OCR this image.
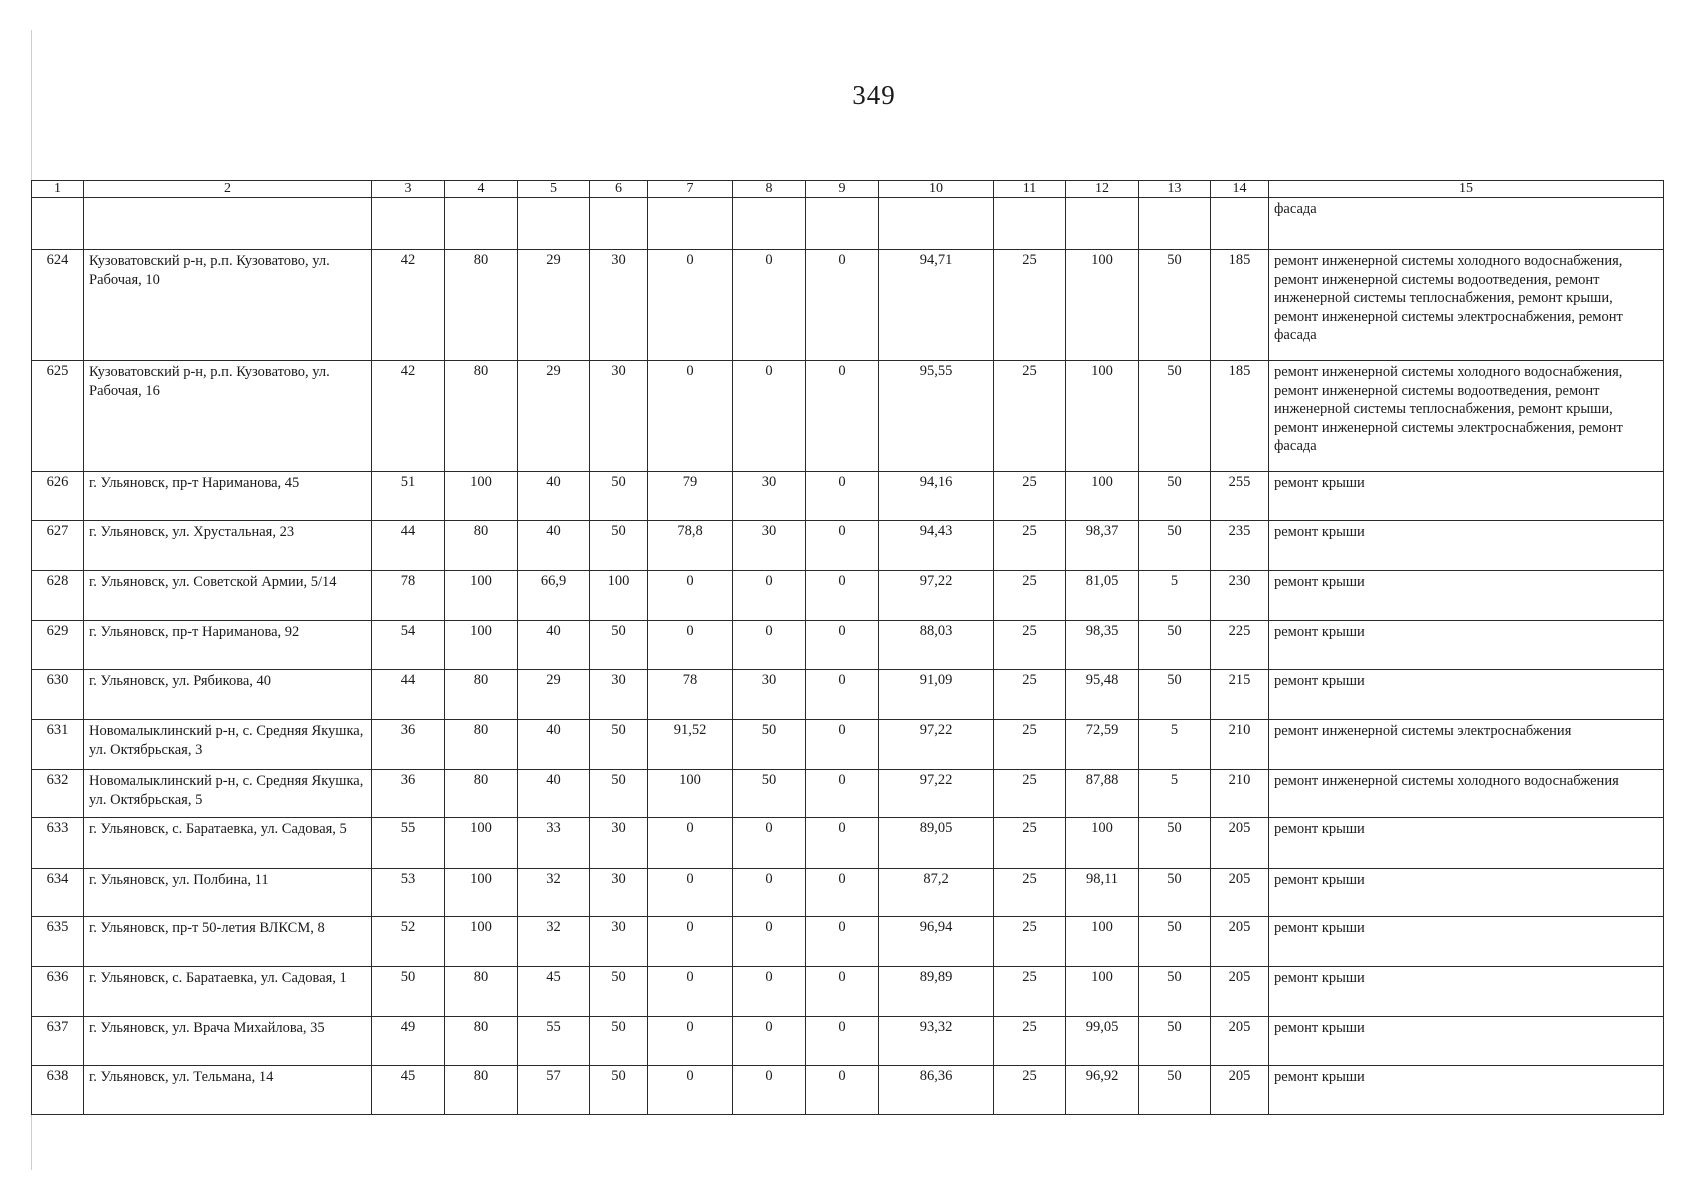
349
1	2	3	4	5	6	7	8	9	10	11	12	13	14	15
														фасада
624	Кузоватовский р-н, р.п. Кузоватово, ул. Рабочая, 10	42	80	29	30	0	0	0	94,71	25	100	50	185	ремонт инженерной системы холодного водоснабжения, ремонт инженерной системы водоотведения, ремонт инженерной системы теплоснабжения, ремонт крыши, ремонт инженерной системы электроснабжения, ремонт фасада
625	Кузоватовский р-н, р.п. Кузоватово, ул. Рабочая, 16	42	80	29	30	0	0	0	95,55	25	100	50	185	ремонт инженерной системы холодного водоснабжения, ремонт инженерной системы водоотведения, ремонт инженерной системы теплоснабжения, ремонт крыши, ремонт инженерной системы электроснабжения, ремонт фасада
626	г. Ульяновск, пр-т Нариманова, 45	51	100	40	50	79	30	0	94,16	25	100	50	255	ремонт крыши
627	г. Ульяновск, ул. Хрустальная, 23	44	80	40	50	78,8	30	0	94,43	25	98,37	50	235	ремонт крыши
628	г. Ульяновск, ул. Советской Армии, 5/14	78	100	66,9	100	0	0	0	97,22	25	81,05	5	230	ремонт крыши
629	г. Ульяновск, пр-т Нариманова, 92	54	100	40	50	0	0	0	88,03	25	98,35	50	225	ремонт крыши
630	г. Ульяновск, ул. Рябикова, 40	44	80	29	30	78	30	0	91,09	25	95,48	50	215	ремонт крыши
631	Новомалыклинский р-н, с. Средняя Якушка, ул. Октябрьская, 3	36	80	40	50	91,52	50	0	97,22	25	72,59	5	210	ремонт инженерной системы электроснабжения
632	Новомалыклинский р-н, с. Средняя Якушка, ул. Октябрьская, 5	36	80	40	50	100	50	0	97,22	25	87,88	5	210	ремонт инженерной системы холодного водоснабжения
633	г. Ульяновск, с. Баратаевка, ул. Садовая, 5	55	100	33	30	0	0	0	89,05	25	100	50	205	ремонт крыши
634	г. Ульяновск, ул. Полбина, 11	53	100	32	30	0	0	0	87,2	25	98,11	50	205	ремонт крыши
635	г. Ульяновск, пр-т 50-летия ВЛКСМ, 8	52	100	32	30	0	0	0	96,94	25	100	50	205	ремонт крыши
636	г. Ульяновск, с. Баратаевка, ул. Садовая, 1	50	80	45	50	0	0	0	89,89	25	100	50	205	ремонт крыши
637	г. Ульяновск, ул. Врача Михайлова, 35	49	80	55	50	0	0	0	93,32	25	99,05	50	205	ремонт крыши
638	г. Ульяновск, ул. Тельмана, 14	45	80	57	50	0	0	0	86,36	25	96,92	50	205	ремонт крыши
